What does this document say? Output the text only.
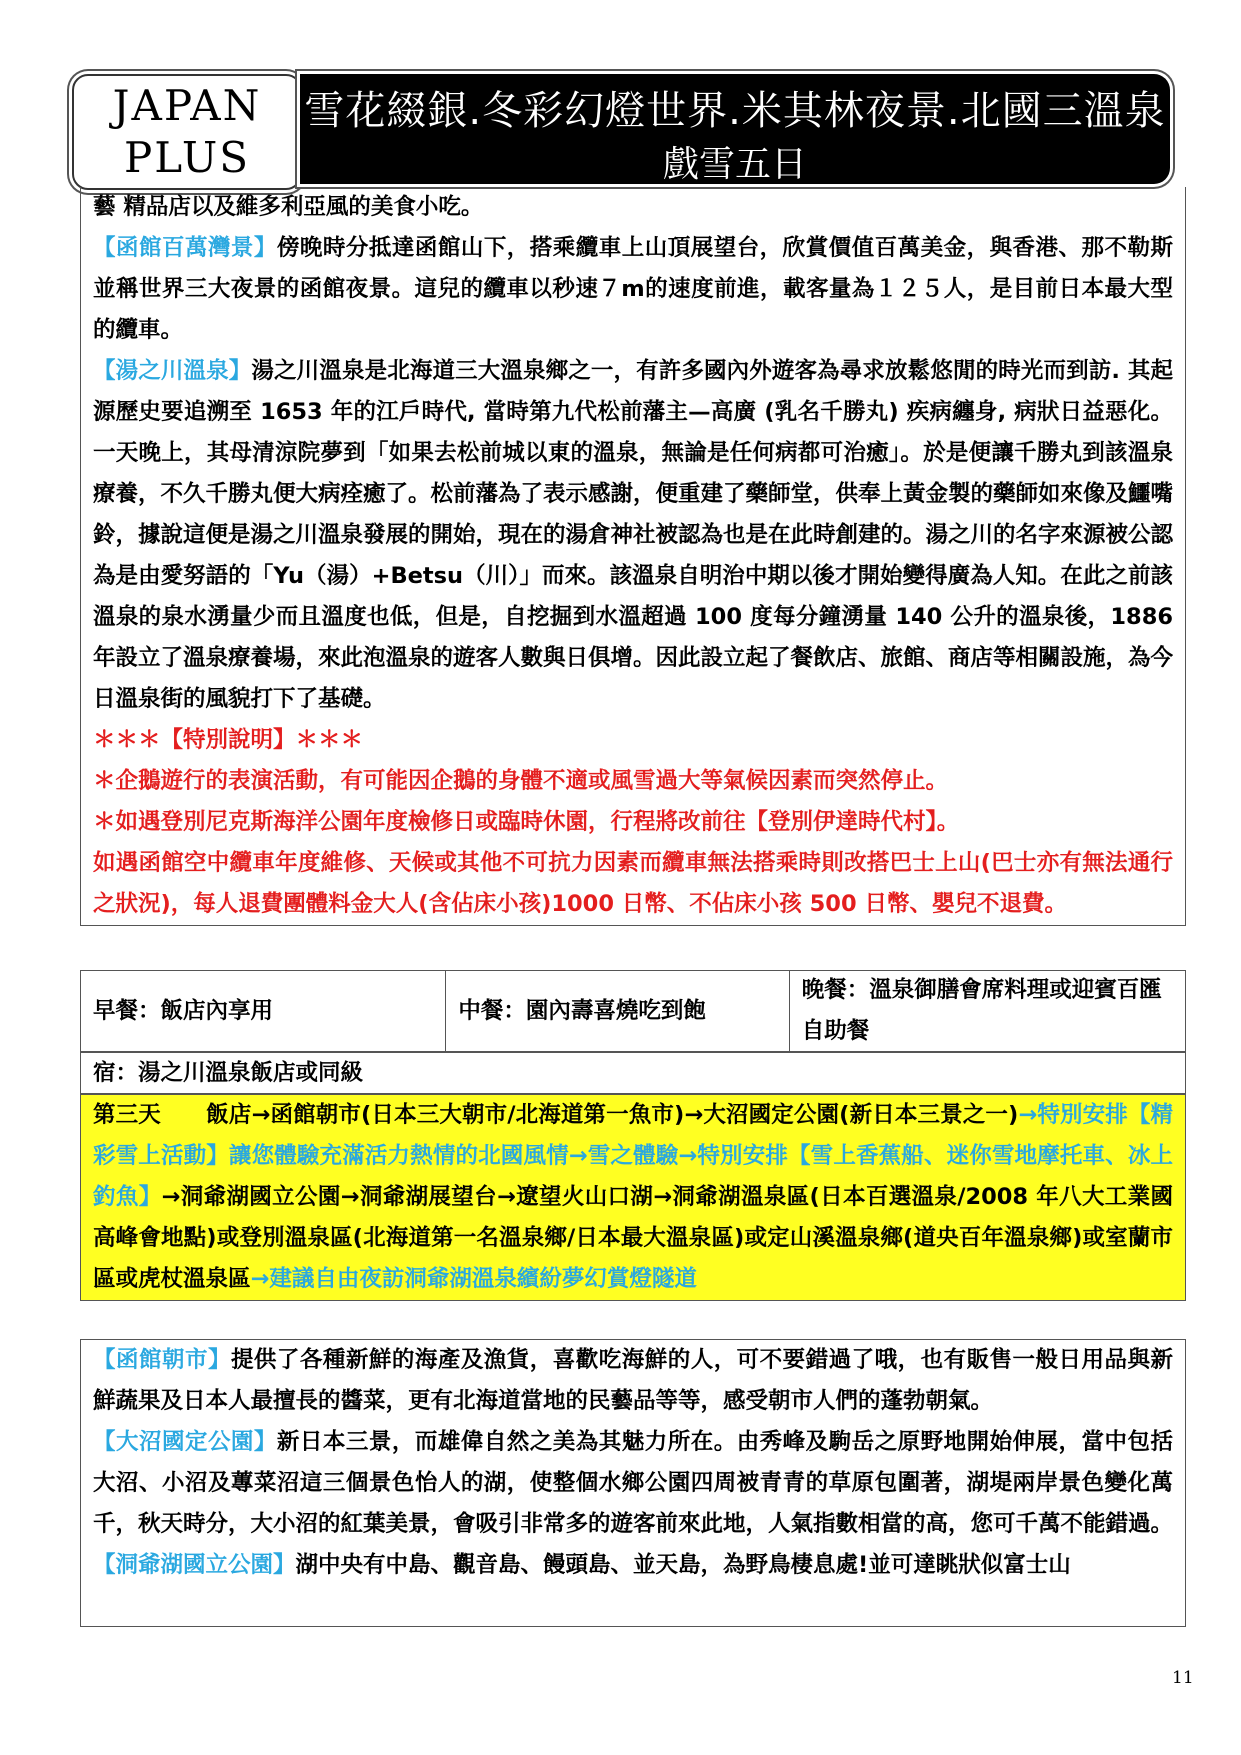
JAPAN
PLUS
雪花綴銀.冬彩幻燈世界.米其林夜景.北國三溫泉
戲雪五日

藝 精品店以及維多利亞風的美食小吃。

【函館百萬灣景】傍晚時分抵達函館山下，搭乘纜車上山頂展望台，欣賞價值百萬美金，與香港、那不勒斯並稱世界三大夜景的函館夜景。這兒的纜車以秒速７m的速度前進，載客量為１２５人，是目前日本最大型的纜車。

【湯之川溫泉】湯之川溫泉是北海道三大溫泉鄉之一，有許多國內外遊客為尋求放鬆悠閒的時光而到訪. 其起源歷史要追溯至 1653 年的江戶時代, 當時第九代松前藩主—高廣 (乳名千勝丸) 疾病纏身, 病狀日益惡化。一天晚上，其母清涼院夢到「如果去松前城以東的溫泉，無論是任何病都可治癒」。於是便讓千勝丸到該溫泉療養，不久千勝丸便大病痊癒了。松前藩為了表示感謝，便重建了藥師堂，供奉上黃金製的藥師如來像及鱷嘴鈴，據說這便是湯之川溫泉發展的開始，現在的湯倉神社被認為也是在此時創建的。湯之川的名字來源被公認為是由愛努語的「Yu（湯）+Betsu（川）」而來。該溫泉自明治中期以後才開始變得廣為人知。在此之前該溫泉的泉水湧量少而且溫度也低，但是，自挖掘到水溫超過 100 度每分鐘湧量 140 公升的溫泉後，1886 年設立了溫泉療養場，來此泡溫泉的遊客人數與日俱增。因此設立起了餐飲店、旅館、商店等相關設施，為今日溫泉街的風貌打下了基礎。

＊＊＊【特別說明】＊＊＊

＊企鵝遊行的表演活動，有可能因企鵝的身體不適或風雪過大等氣候因素而突然停止。

＊如遇登別尼克斯海洋公園年度檢修日或臨時休園，行程將改前往【登別伊達時代村】。

如遇函館空中纜車年度維修、天候或其他不可抗力因素而纜車無法搭乘時則改搭巴士上山(巴士亦有無法通行之狀況)，每人退費團體料金大人(含佔床小孩)1000 日幣、不佔床小孩 500 日幣、嬰兒不退費。

早餐：飯店內享用	中餐：園內壽喜燒吃到飽
晚餐：溫泉御膳會席料理或迎賓百匯自助餐

宿：湯之川溫泉飯店或同級

第三天　　飯店→函館朝市(日本三大朝市/北海道第一魚市)→大沼國定公園(新日本三景之一)→特別安排【精彩雪上活動】讓您體驗充滿活力熱情的北國風情→雪之體驗→特別安排【雪上香蕉船、迷你雪地摩托車、冰上釣魚】→洞爺湖國立公園→洞爺湖展望台→遼望火山口湖→洞爺湖溫泉區(日本百選溫泉/2008 年八大工業國高峰會地點)或登別溫泉區(北海道第一名溫泉鄉/日本最大溫泉區)或定山溪溫泉鄉(道央百年溫泉鄉)或室蘭市區或虎杖溫泉區→建議自由夜訪洞爺湖溫泉繽紛夢幻賞燈隧道

【函館朝市】提供了各種新鮮的海產及漁貨，喜歡吃海鮮的人，可不要錯過了哦，也有販售一般日用品與新鮮蔬果及日本人最擅長的醬菜，更有北海道當地的民藝品等等，感受朝市人們的蓬勃朝氣。

【大沼國定公園】新日本三景，而雄偉自然之美為其魅力所在。由秀峰及駒岳之原野地開始伸展，當中包括大沼、小沼及蓴菜沼這三個景色怡人的湖，使整個水鄉公園四周被青青的草原包圍著，湖堤兩岸景色變化萬千，秋天時分，大小沼的紅葉美景，會吸引非常多的遊客前來此地，人氣指數相當的高，您可千萬不能錯過。

【洞爺湖國立公園】湖中央有中島、觀音島、饅頭島、並天島，為野鳥棲息處!並可達眺狀似富士山

11
